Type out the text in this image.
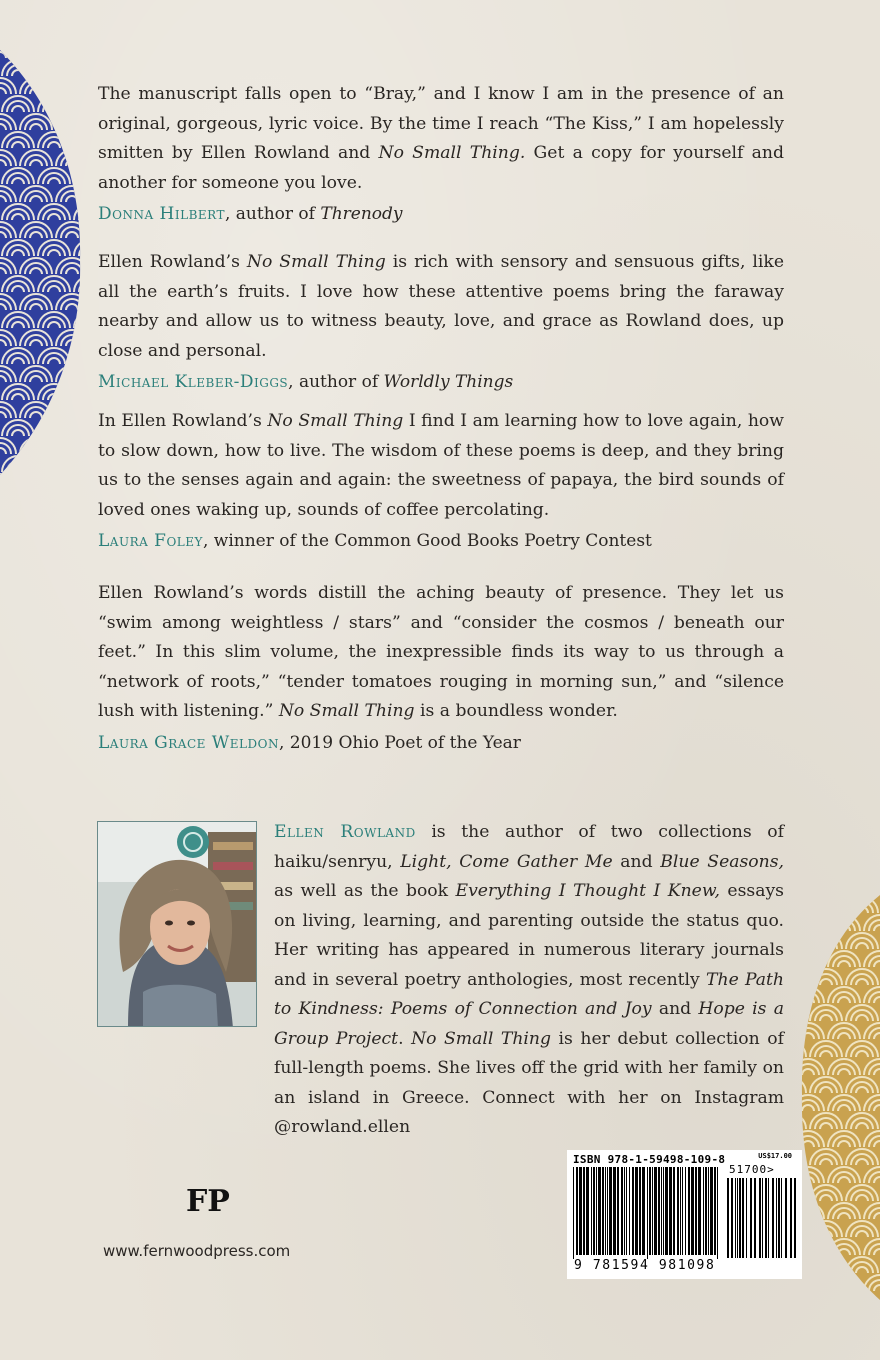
The manuscript falls open to “Bray,” and I know I am in the presence of an original, gorgeous, lyric voice. By the time I reach “The Kiss,” I am hopelessly smitten by Ellen Rowland and No Small Thing. Get a copy for yourself and another for someone you love.

Donna Hilbert, author of Threnody

Ellen Rowland’s No Small Thing is rich with sensory and sensuous gifts, like all the earth’s fruits. I love how these attentive poems bring the faraway nearby and allow us to witness beauty, love, and grace as Rowland does, up close and personal.

Michael Kleber-Diggs, author of Worldly Things

In Ellen Rowland’s No Small Thing I find I am learning how to love again, how to slow down, how to live. The wisdom of these poems is deep, and they bring us to the senses again and again: the sweetness of papaya, the bird sounds of loved ones waking up, sounds of coffee percolating.

Laura Foley, winner of the Common Good Books Poetry Contest

Ellen Rowland’s words distill the aching beauty of presence. They let us “swim among weightless / stars” and “consider the cosmos / beneath our feet.” In this slim volume, the inexpressible finds its way to us through a “network of roots,” “tender tomatoes rouging in morning sun,” and “silence lush with listening.” No Small Thing is a boundless wonder.

Laura Grace Weldon, 2019 Ohio Poet of the Year

Ellen Rowland is the author of two collections of haiku/senryu, Light, Come Gather Me and Blue Seasons, as well as the book Everything I Thought I Knew, essays on living, learning, and parenting outside the status quo. Her writing has appeared in numerous literary journals and in several poetry anthologies, most recently The Path to Kindness: Poems of Connection and Joy and Hope is a Group Project. No Small Thing is her debut collection of full-length poems. She lives off the grid with her family on an island in Greece. Connect with her on Instagram @rowland.ellen

FP
www.fernwoodpress.com
ISBN 978-1-59498-109-8	US$17.00
51700>
9 781594 981098
